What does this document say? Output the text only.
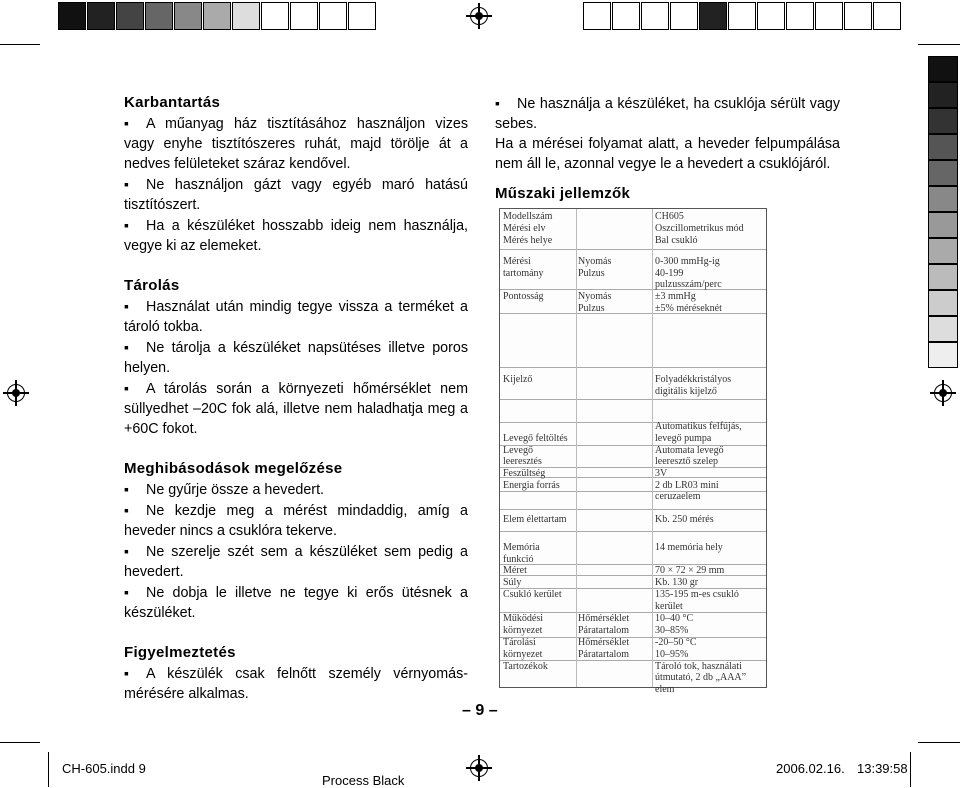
Karbantartás
▪ A műanyag ház tisztításához használjon vizes vagy enyhe tisztítószeres ruhát, majd törölje át a nedves felületeket száraz kendővel.
▪ Ne használjon gázt vagy egyéb maró hatású tisztítószert.
▪ Ha a készüléket hosszabb ideig nem használja, vegye ki az elemeket.
Tárolás
▪ Használat után mindig tegye vissza a terméket a tároló tokba.
▪ Ne tárolja a készüléket napsütéses illetve poros helyen.
▪ A tárolás során a környezeti hőmérséklet nem süllyedhet –20C fok alá, illetve nem haladhatja meg a +60C fokot.
Meghibásodások megelőzése
▪ Ne gyűrje össze a hevedert.
▪ Ne kezdje meg a mérést mindaddig, amíg a heveder nincs a csuklóra tekerve.
▪ Ne szerelje szét sem a készüléket sem pedig a hevedert.
▪ Ne dobja le illetve ne tegye ki erős ütésnek a készüléket.
Figyelmeztetés
▪ A készülék csak felnőtt személy vérnyomás-mérésére alkalmas.
▪ Ne használja a készüléket, ha csuklója sérült vagy sebes.
Ha a mérései folyamat alatt, a heveder felpumpálása nem áll le, azonnal vegye le a hevedert a csuklójáról.
Műszaki jellemzők
Modellszám	CH605
Mérési elv	Oszcillometrikus mód
Mérés helye	Bal csukló
Mérési	Nyomás	0-300 mmHg-ig
tartomány	Pulzus	40-199
pulzusszám/perc
Pontosság	Nyomás	±3 mmHg
Pulzus	±5% méréseknét
Kijelző	Folyadékkristályos
digitális kijelző
Automatikus felfújás,
Levegő feltöltés	levegő pumpa
Levegő	Automata levegő
leeresztés	leeresztő szelep
Feszültség	3V
Energia forrás	2 db LR03 mini
ceruzaelem
Elem élettartam	Kb. 250 mérés
Memória	14 memória hely
funkció
Méret	70 × 72 × 29 mm
Súly	Kb. 130 gr
Csukló kerület	135-195 m-es csukló
kerület
Működési	Hőmérséklet	10–40 °C
környezet	Páratartalom	30–85%
Tárolási	Hőmérséklet	-20–50 °C
környezet	Páratartalom	10–95%
Tartozékok	Tároló tok, használati
útmutató, 2 db „AAA”
elem
– 9 –
CH-605.indd 9
Process Black
2006.02.16. 13:39:58
